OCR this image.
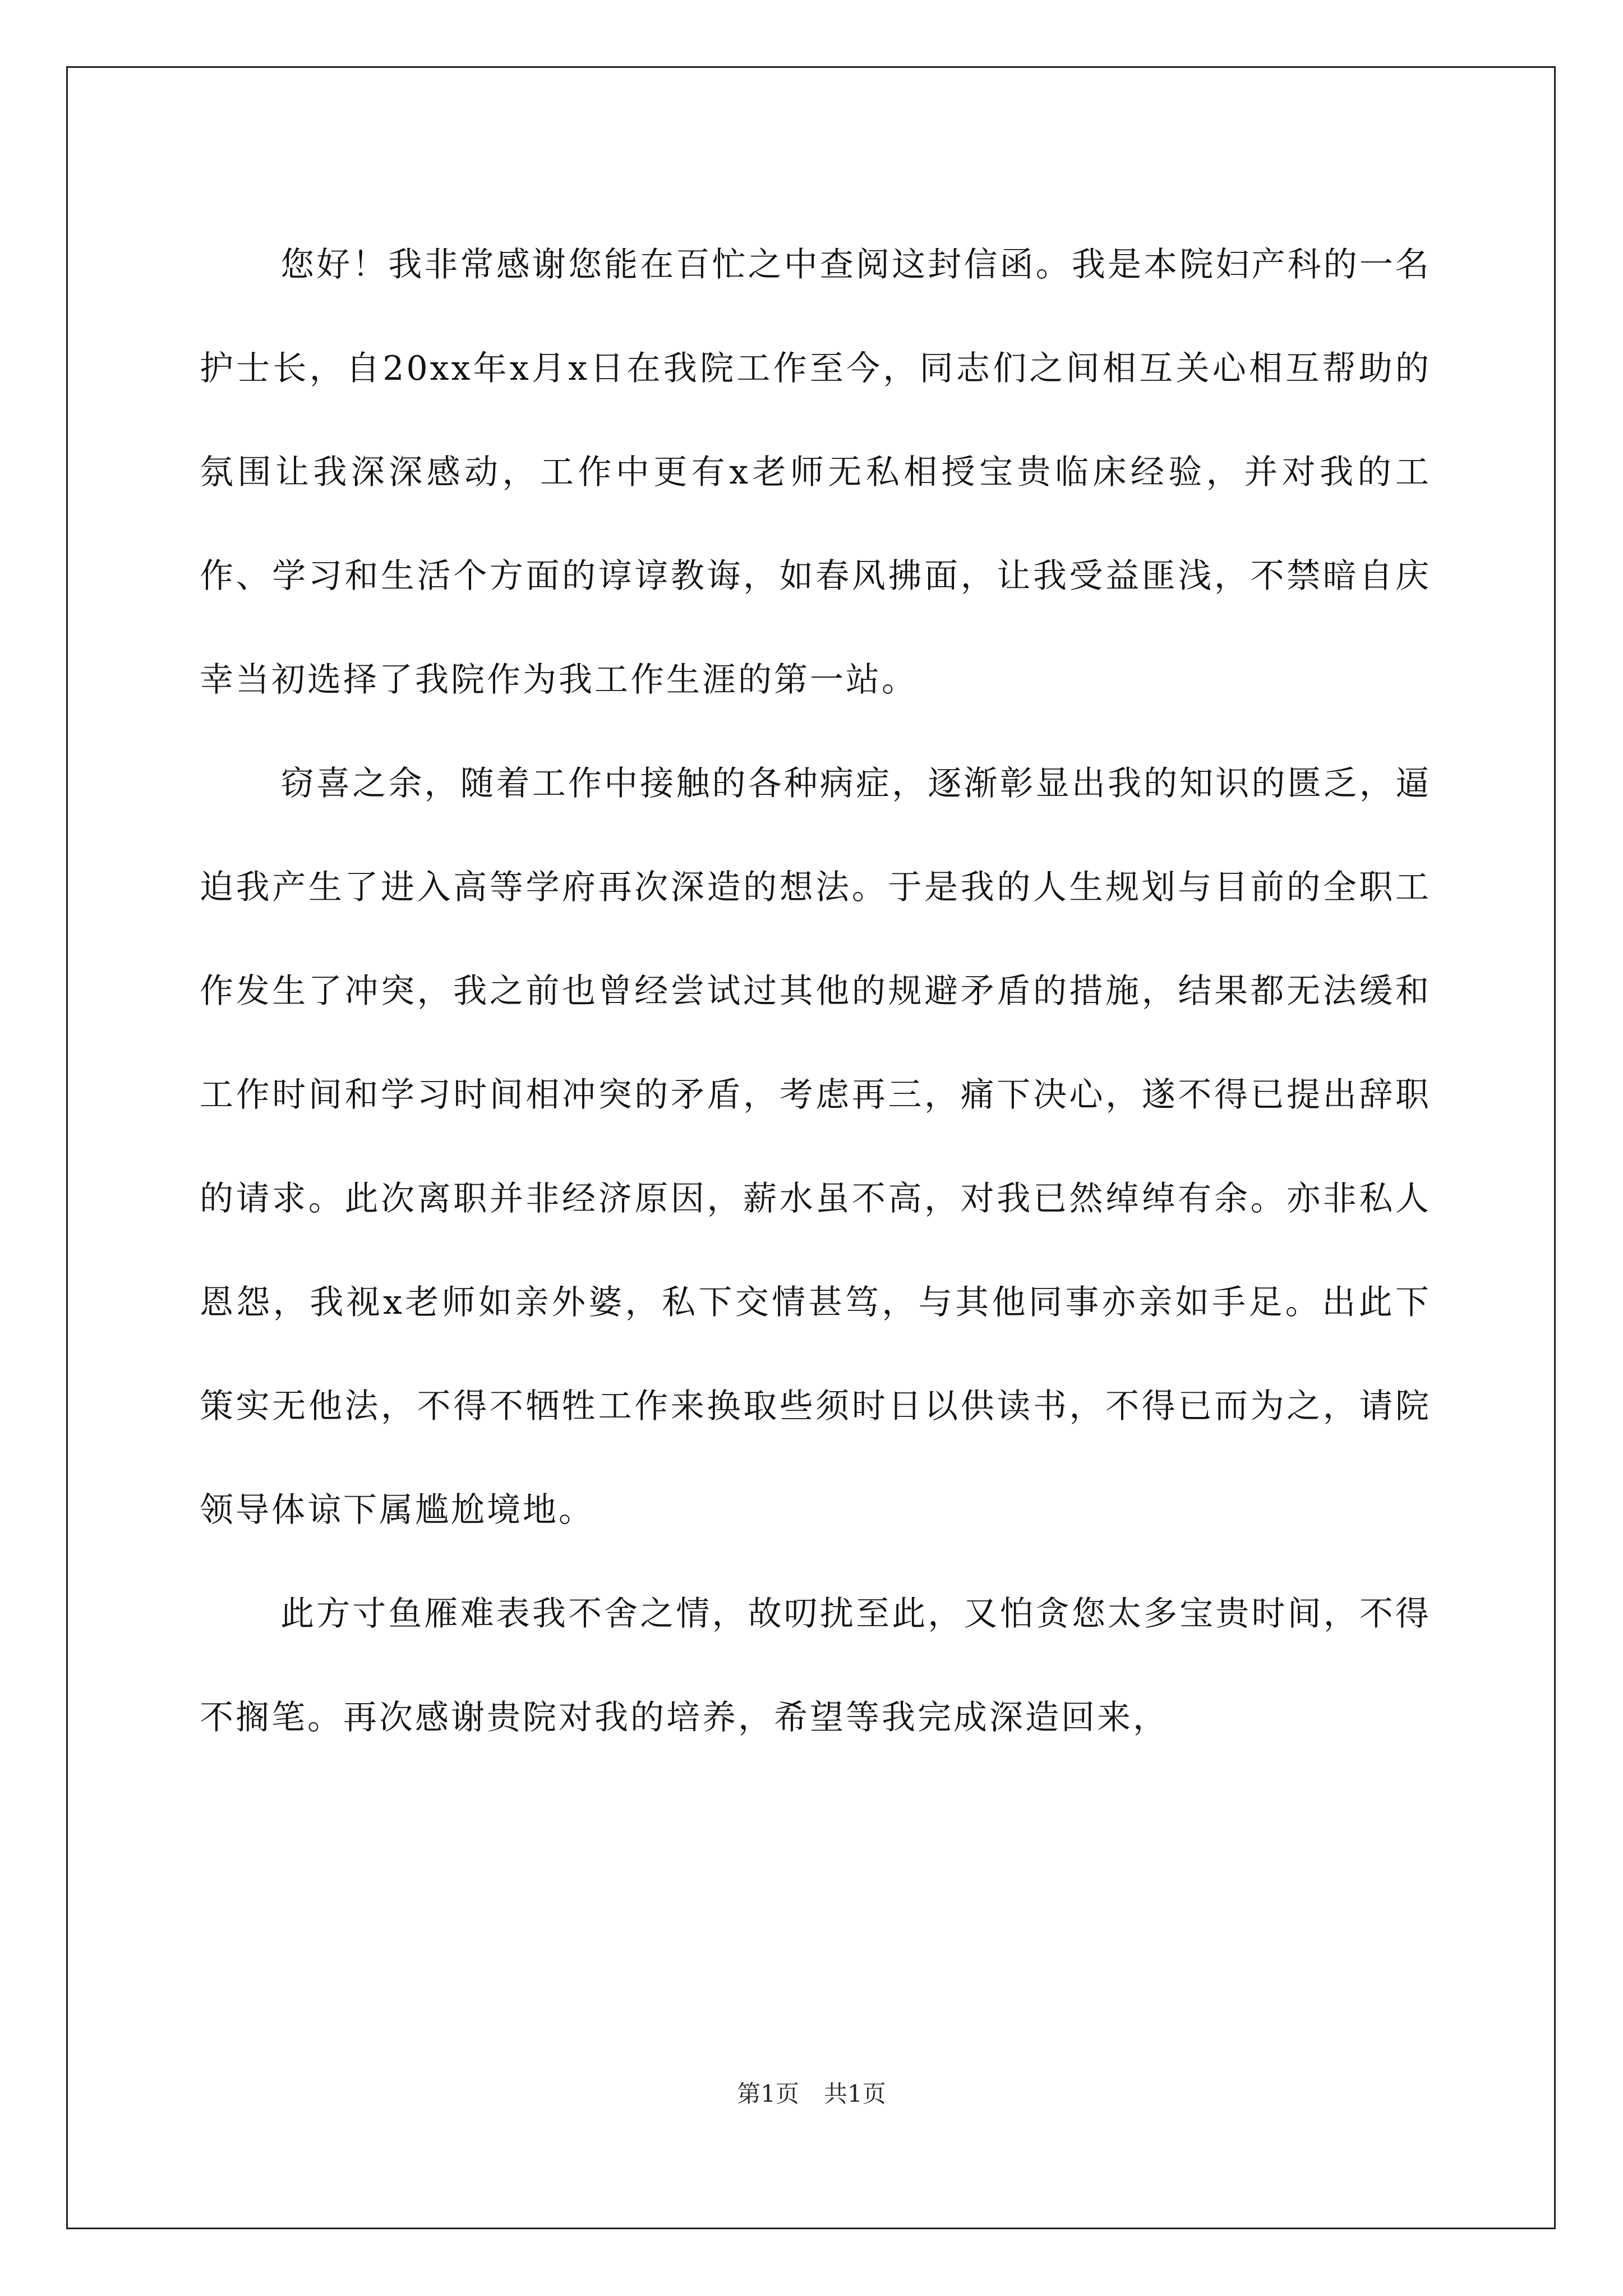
您好！我非常感谢您能在百忙之中查阅这封信函。我是本院妇产科的一名护士长，自20xx年x月x日在我院工作至今，同志们之间相互关心相互帮助的氛围让我深深感动，工作中更有x老师无私相授宝贵临床经验，并对我的工作、学习和生活个方面的谆谆教诲，如春风拂面，让我受益匪浅，不禁暗自庆幸当初选择了我院作为我工作生涯的第一站。

窃喜之余，随着工作中接触的各种病症，逐渐彰显出我的知识的匮乏，逼迫我产生了进入高等学府再次深造的想法。于是我的人生规划与目前的全职工作发生了冲突，我之前也曾经尝试过其他的规避矛盾的措施，结果都无法缓和工作时间和学习时间相冲突的矛盾，考虑再三，痛下决心，遂不得已提出辞职的请求。此次离职并非经济原因，薪水虽不高，对我已然绰绰有余。亦非私人恩怨，我视x老师如亲外婆，私下交情甚笃，与其他同事亦亲如手足。出此下策实无他法，不得不牺牲工作来换取些须时日以供读书，不得已而为之，请院领导体谅下属尴尬境地。

此方寸鱼雁难表我不舍之情，故叨扰至此，又怕贪您太多宝贵时间，不得不搁笔。再次感谢贵院对我的培养，希望等我完成深造回来，

第1页 共1页
